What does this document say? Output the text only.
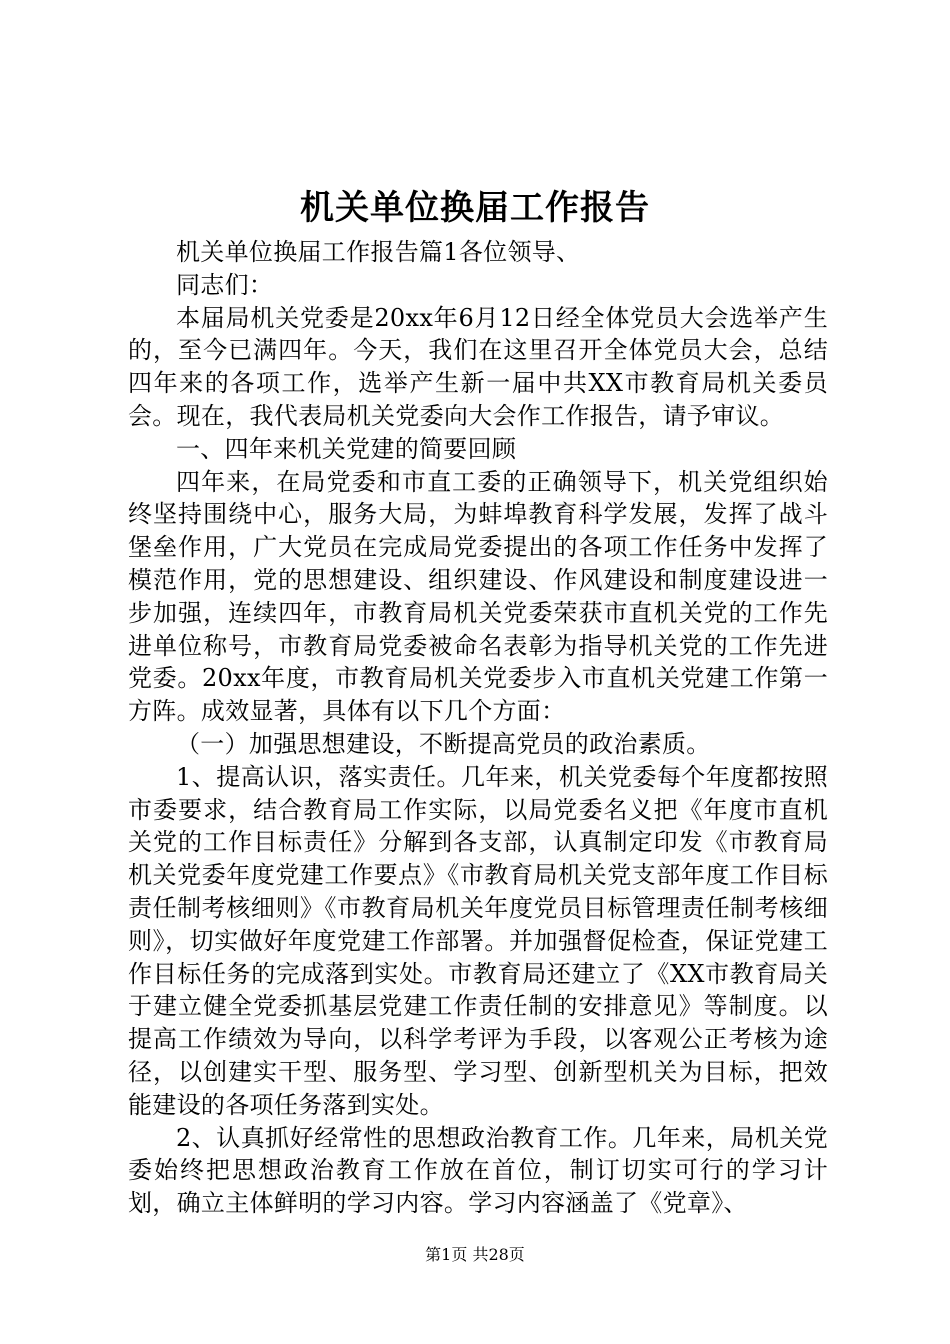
机关单位换届工作报告

机关单位换届工作报告篇1各位领导、

同志们：

本届局机关党委是20xx年6月12日经全体党员大会选举产生的，至今已满四年。今天，我们在这里召开全体党员大会，总结四年来的各项工作，选举产生新一届中共XX市教育局机关委员会。现在，我代表局机关党委向大会作工作报告，请予审议。

一、四年来机关党建的简要回顾

四年来，在局党委和市直工委的正确领导下，机关党组织始终坚持围绕中心，服务大局，为蚌埠教育科学发展，发挥了战斗堡垒作用，广大党员在完成局党委提出的各项工作任务中发挥了模范作用，党的思想建设、组织建设、作风建设和制度建设进一步加强，连续四年，市教育局机关党委荣获市直机关党的工作先进单位称号，市教育局党委被命名表彰为指导机关党的工作先进党委。20xx年度，市教育局机关党委步入市直机关党建工作第一方阵。成效显著，具体有以下几个方面：

（一）加强思想建设，不断提高党员的政治素质。

1、提高认识，落实责任。几年来，机关党委每个年度都按照市委要求，结合教育局工作实际，以局党委名义把《年度市直机关党的工作目标责任》分解到各支部，认真制定印发《市教育局机关党委年度党建工作要点》《市教育局机关党支部年度工作目标责任制考核细则》《市教育局机关年度党员目标管理责任制考核细则》，切实做好年度党建工作部署。并加强督促检查，保证党建工作目标任务的完成落到实处。市教育局还建立了《XX市教育局关于建立健全党委抓基层党建工作责任制的安排意见》等制度。以提高工作绩效为导向，以科学考评为手段，以客观公正考核为途径，以创建实干型、服务型、学习型、创新型机关为目标，把效能建设的各项任务落到实处。

2、认真抓好经常性的思想政治教育工作。几年来，局机关党委始终把思想政治教育工作放在首位，制订切实可行的学习计划，确立主体鲜明的学习内容。学习内容涵盖了《党章》、

第1页 共28页
